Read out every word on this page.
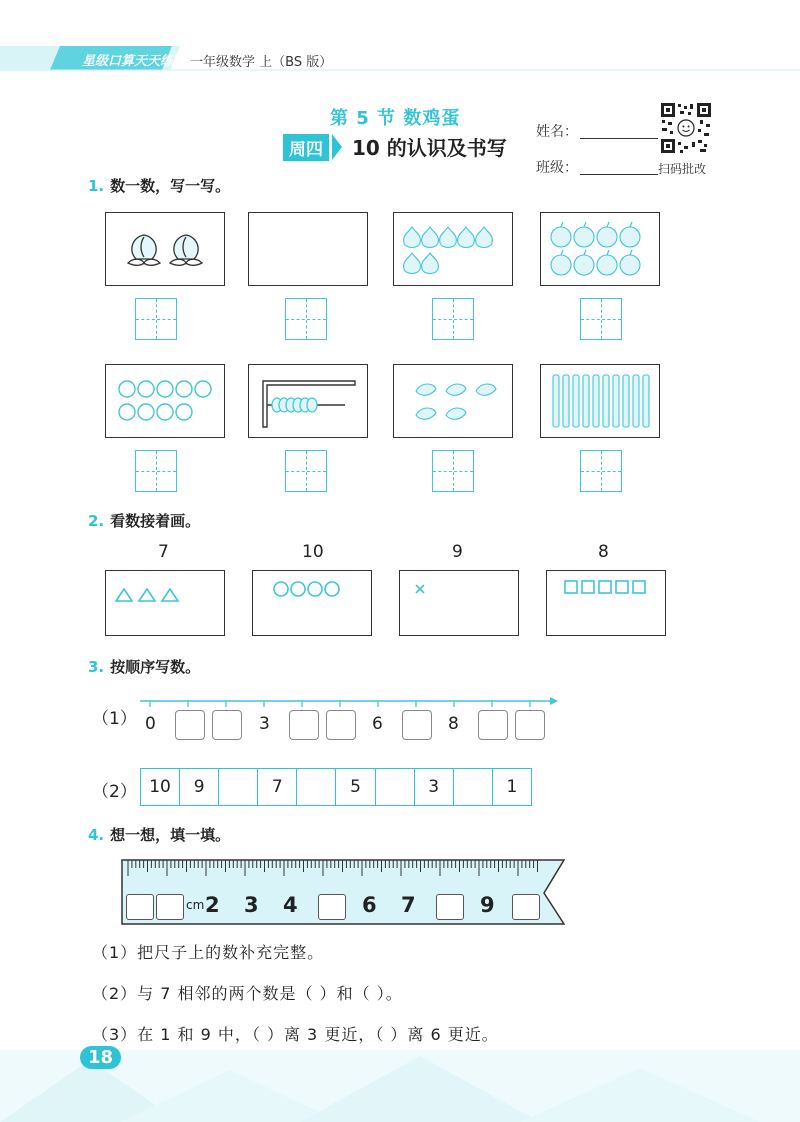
星级口算天天练 一年级数学 上（BS 版）
第 5 节 数鸡蛋
周四	10 的认识及书写
姓名：
班级：	扫码批改
1. 数一数，写一写。
2. 看数接着画。
7	10	9	8
3. 按顺序写数。
（1） 0	3	6	8
（2） 10	9	7	5	3	1
4. 想一想，填一填。
cm 2 3 4	6 7	9
（1）把尺子上的数补充完整。
（2）与 7 相邻的两个数是（ ）和（ ）。
（3）在 1 和 9 中，（ ）离 3 更近，（ ）离 6 更近。
18
